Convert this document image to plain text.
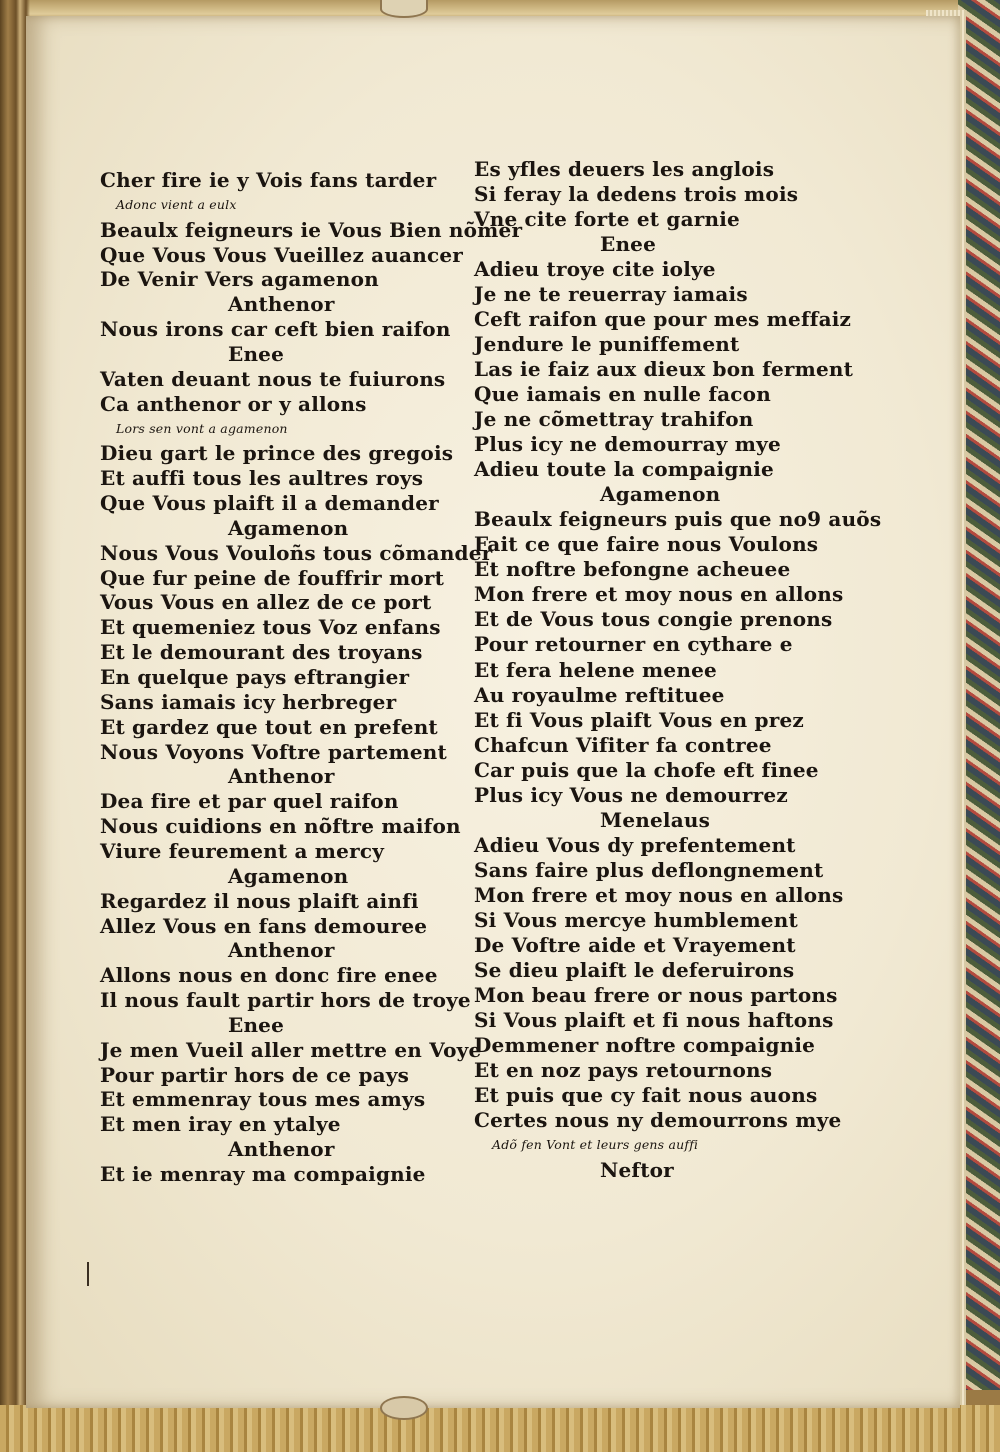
Cher fire ie y Vois fans tarder
Adonc vient a eulx
Beaulx feigneurs ie Vous Bien nõmer
Que Vous Vous Vueillez auancer
De Venir Vers agamenon
Anthenor
Nous irons car ceft bien raifon
Enee
Vaten deuant nous te fuiurons
Ca anthenor or y allons
Lors sen vont a agamenon
Dieu gart le prince des gregois
Et auffi tous les aultres roys
Que Vous plaift il a demander
Agamenon
Nous Vous Vouloñs tous cõmander
Que fur peine de fouffrir mort
Vous Vous en allez de ce port
Et quemeniez tous Voz enfans
Et le demourant des troyans
En quelque pays eftrangier
Sans iamais icy herbreger
Et gardez que tout en prefent
Nous Voyons Voftre partement
Anthenor
Dea fire et par quel raifon
Nous cuidions en nõftre maifon
Viure feurement a mercy
Agamenon
Regardez il nous plaift ainfi
Allez Vous en fans demouree
Anthenor
Allons nous en donc fire enee
Il nous fault partir hors de troye
Enee
Je men Vueil aller mettre en Voye
Pour partir hors de ce pays
Et emmenray tous mes amys
Et men iray en ytalye
Anthenor
Et ie menray ma compaignie
Es yfles deuers les anglois
Si feray la dedens trois mois
Vne cite forte et garnie
Enee
Adieu troye cite iolye
Je ne te reuerray iamais
Ceft raifon que pour mes meffaiz
Jendure le puniffement
Las ie faiz aux dieux bon ferment
Que iamais en nulle facon
Je ne cõmettray trahifon
Plus icy ne demourray mye
Adieu toute la compaignie
Agamenon
Beaulx feigneurs puis que no9 auõs
Fait ce que faire nous Voulons
Et noftre befongne acheuee
Mon frere et moy nous en allons
Et de Vous tous congie prenons
Pour retourner en cythare e
Et fera helene menee
Au royaulme reftituee
Et fi Vous plaift Vous en prez
Chafcun Vifiter fa contree
Car puis que la chofe eft finee
Plus icy Vous ne demourrez
Menelaus
Adieu Vous dy prefentement
Sans faire plus deflongnement
Mon frere et moy nous en allons
Si Vous mercye humblement
De Voftre aide et Vrayement
Se dieu plaift le deferuirons
Mon beau frere or nous partons
Si Vous plaift et fi nous haftons
Demmener noftre compaignie
Et en noz pays retournons
Et puis que cy fait nous auons
Certes nous ny demourrons mye
Adõ fen Vont et leurs gens auffi
Neftor
